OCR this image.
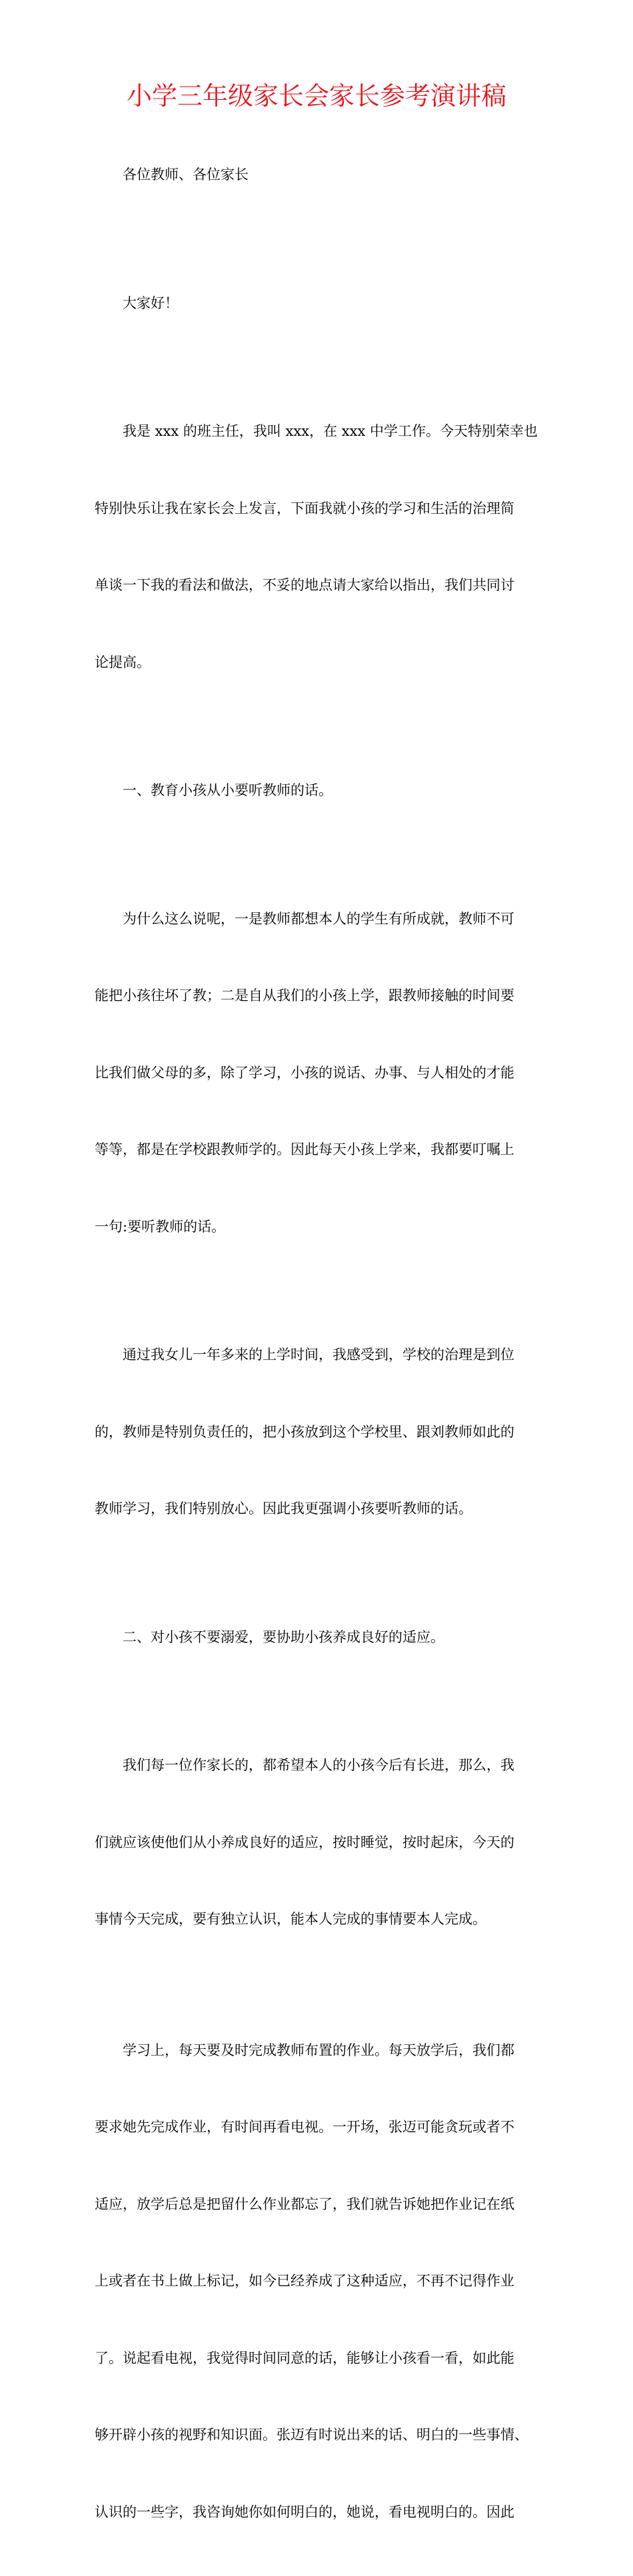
小学三年级家长会家长参考演讲稿

各位教师、各位家长

大家好！

我是 xxx 的班主任，我叫 xxx，在 xxx 中学工作。今天特别荣幸也

特别快乐让我在家长会上发言，下面我就小孩的学习和生活的治理简

单谈一下我的看法和做法，不妥的地点请大家给以指出，我们共同讨

论提高。

一、教育小孩从小要听教师的话。

为什么这么说呢，一是教师都想本人的学生有所成就，教师不可

能把小孩往坏了教；二是自从我们的小孩上学，跟教师接触的时间要

比我们做父母的多，除了学习，小孩的说话、办事、与人相处的才能

等等，都是在学校跟教师学的。因此每天小孩上学来，我都要叮嘱上

一句:要听教师的话。

通过我女儿一年多来的上学时间，我感受到，学校的治理是到位

的，教师是特别负责任的，把小孩放到这个学校里、跟刘教师如此的

教师学习，我们特别放心。因此我更强调小孩要听教师的话。

二、对小孩不要溺爱，要协助小孩养成良好的适应。

我们每一位作家长的，都希望本人的小孩今后有长进，那么，我

们就应该使他们从小养成良好的适应，按时睡觉，按时起床，今天的

事情今天完成，要有独立认识，能本人完成的事情要本人完成。

学习上，每天要及时完成教师布置的作业。每天放学后，我们都

要求她先完成作业，有时间再看电视。一开场，张迈可能贪玩或者不

适应，放学后总是把留什么作业都忘了，我们就告诉她把作业记在纸

上或者在书上做上标记，如今已经养成了这种适应，不再不记得作业

了。说起看电视，我觉得时间同意的话，能够让小孩看一看，如此能

够开辟小孩的视野和知识面。张迈有时说出来的话、明白的一些事情、

认识的一些字，我咨询她你如何明白的，她说，看电视明白的。因此
